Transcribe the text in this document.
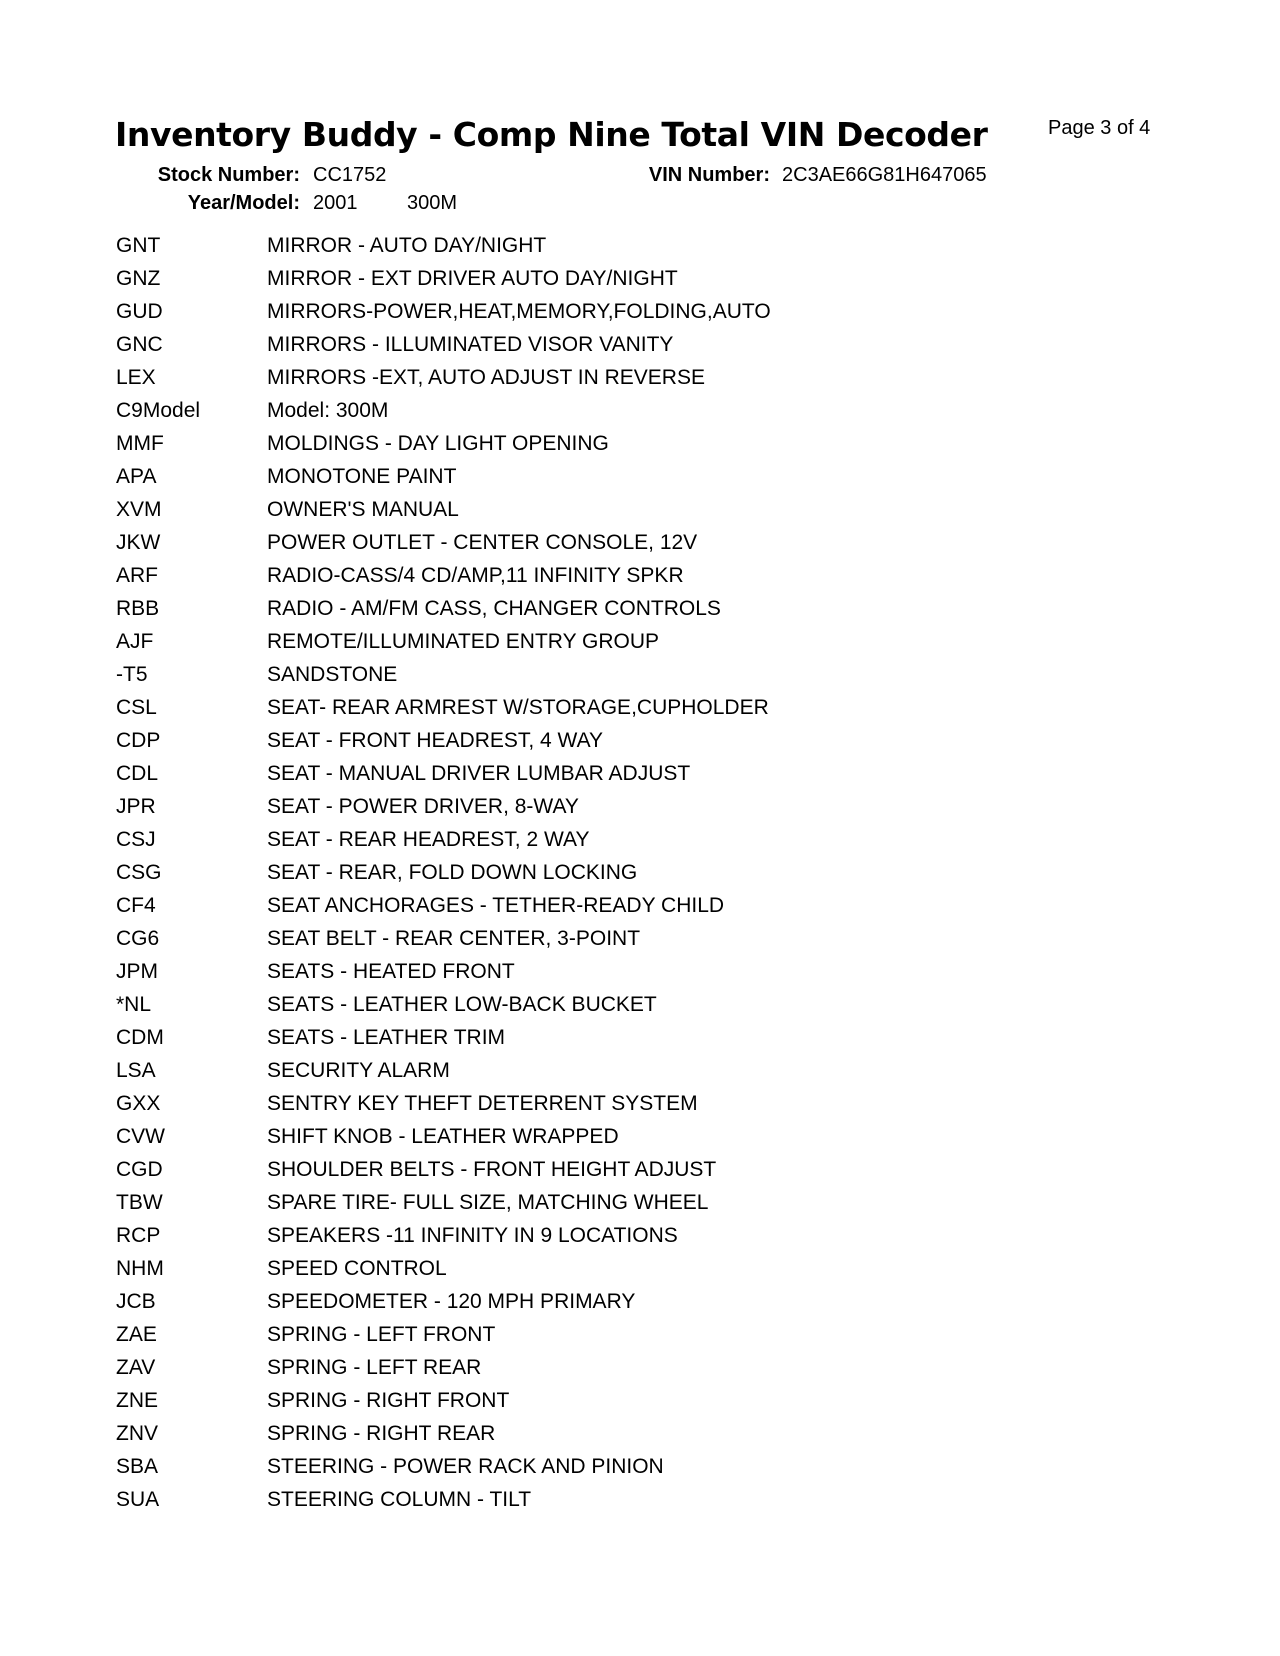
Inventory Buddy - Comp Nine Total VIN Decoder	Page 3 of 4
Stock Number: CC1752	VIN Number: 2C3AE66G81H647065
Year/Model: 2001 300M
GNT	MIRROR - AUTO DAY/NIGHT
GNZ	MIRROR - EXT DRIVER AUTO DAY/NIGHT
GUD	MIRRORS-POWER,HEAT,MEMORY,FOLDING,AUTO
GNC	MIRRORS - ILLUMINATED VISOR VANITY
LEX	MIRRORS -EXT, AUTO ADJUST IN REVERSE
C9Model	Model: 300M
MMF	MOLDINGS - DAY LIGHT OPENING
APA	MONOTONE PAINT
XVM	OWNER'S MANUAL
JKW	POWER OUTLET - CENTER CONSOLE, 12V
ARF	RADIO-CASS/4 CD/AMP,11 INFINITY SPKR
RBB	RADIO - AM/FM CASS, CHANGER CONTROLS
AJF	REMOTE/ILLUMINATED ENTRY GROUP
-T5	SANDSTONE
CSL	SEAT- REAR ARMREST W/STORAGE,CUPHOLDER
CDP	SEAT - FRONT HEADREST, 4 WAY
CDL	SEAT - MANUAL DRIVER LUMBAR ADJUST
JPR	SEAT - POWER DRIVER, 8-WAY
CSJ	SEAT - REAR HEADREST, 2 WAY
CSG	SEAT - REAR, FOLD DOWN LOCKING
CF4	SEAT ANCHORAGES - TETHER-READY CHILD
CG6	SEAT BELT - REAR CENTER, 3-POINT
JPM	SEATS - HEATED FRONT
*NL	SEATS - LEATHER LOW-BACK BUCKET
CDM	SEATS - LEATHER TRIM
LSA	SECURITY ALARM
GXX	SENTRY KEY THEFT DETERRENT SYSTEM
CVW	SHIFT KNOB - LEATHER WRAPPED
CGD	SHOULDER BELTS - FRONT HEIGHT ADJUST
TBW	SPARE TIRE- FULL SIZE, MATCHING WHEEL
RCP	SPEAKERS -11 INFINITY IN 9 LOCATIONS
NHM	SPEED CONTROL
JCB	SPEEDOMETER - 120 MPH PRIMARY
ZAE	SPRING - LEFT FRONT
ZAV	SPRING - LEFT REAR
ZNE	SPRING - RIGHT FRONT
ZNV	SPRING - RIGHT REAR
SBA	STEERING - POWER RACK AND PINION
SUA	STEERING COLUMN - TILT
